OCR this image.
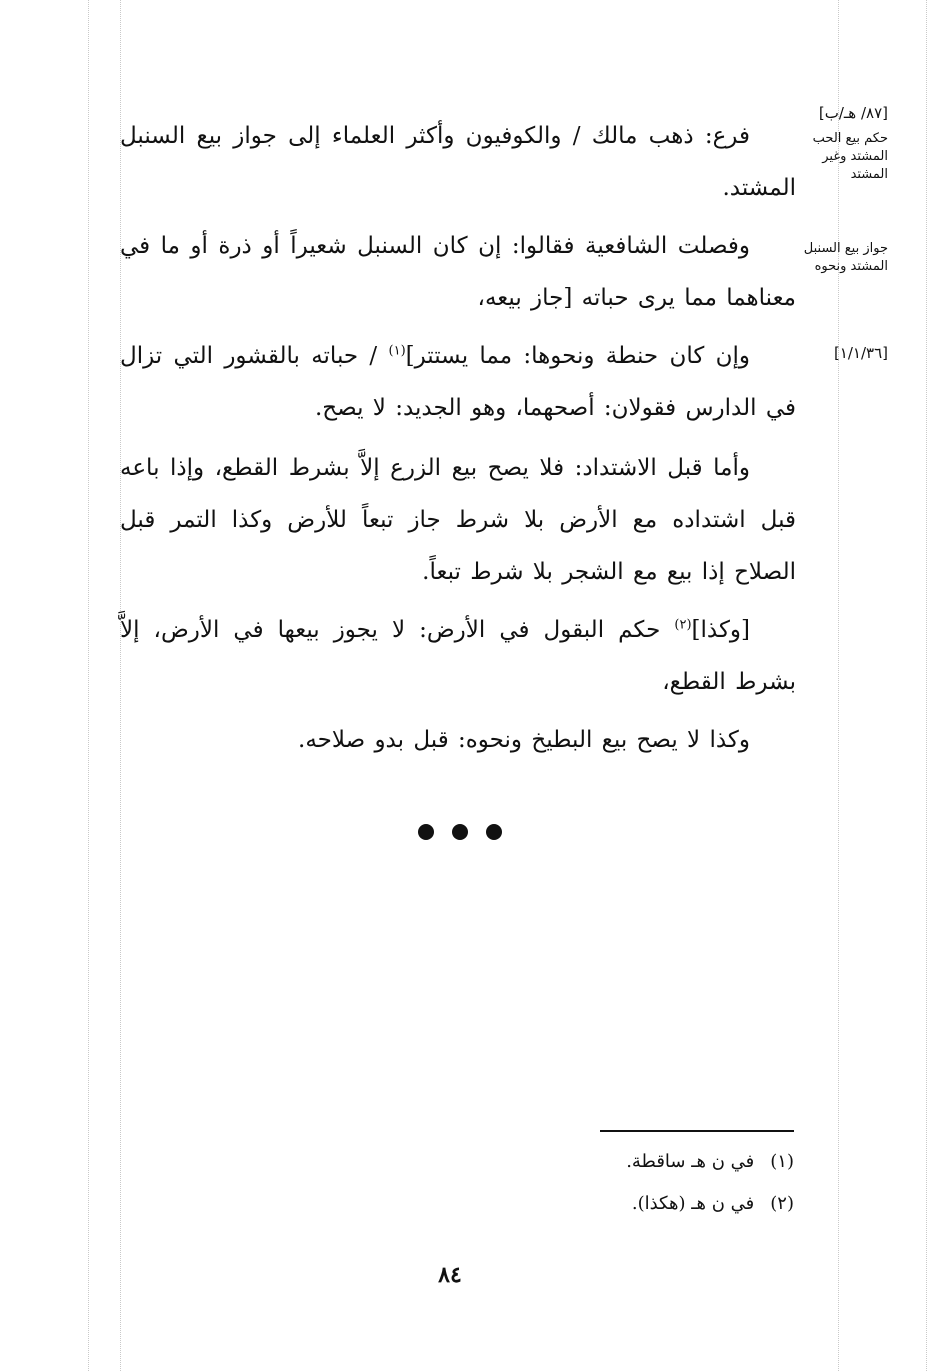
[٨٧/ هـ/ب]
حكم بيع الحب
المشتد وغير
المشتد
جواز بيع السنبل
المشتد ونحوه
[١/١/٣٦]
فرع: ذهب مالك / والكوفيون وأكثر العلماء إلى جواز بيع السنبل المشتد.
وفصلت الشافعية فقالوا: إن كان السنبل شعيراً أو ذرة أو ما في معناهما مما يرى حباته [جاز بيعه،
وإن كان حنطة ونحوها: مما يستتر]$^{(١)}$ / حباته بالقشور التي تزال في الدارس فقولان: أصحهما، وهو الجديد: لا يصح.
وأما قبل الاشتداد: فلا يصح بيع الزرع إلاَّ بشرط القطع، وإذا باعه قبل اشتداده مع الأرض بلا شرط جاز تبعاً للأرض وكذا التمر قبل الصلاح إذا بيع مع الشجر بلا شرط تبعاً.
[وكذا]$^{(٢)}$ حكم البقول في الأرض: لا يجوز بيعها في الأرض، إلاَّ بشرط القطع،
وكذا لا يصح بيع البطيخ ونحوه: قبل بدو صلاحه.
(١)في ن هـ ساقطة.
(٢)في ن هـ (هكذا).
٨٤
